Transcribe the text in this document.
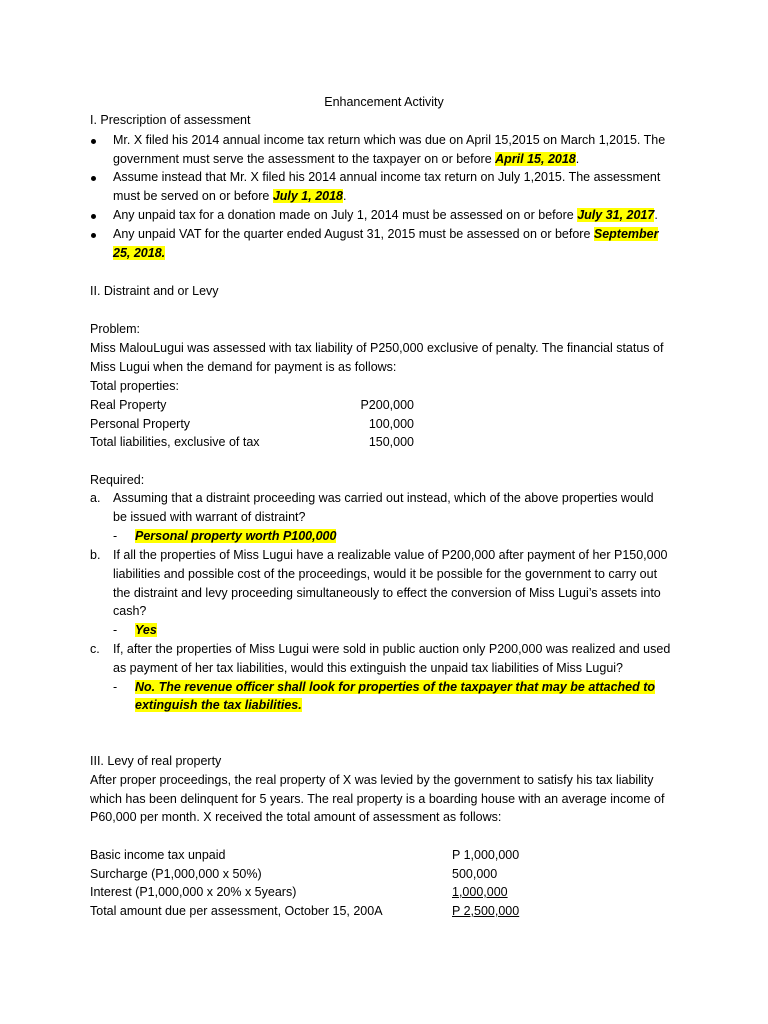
Enhancement Activity
I. Prescription of assessment
Mr. X filed his 2014 annual income tax return which was due on April 15,2015 on March 1,2015. The
government must serve the assessment to the taxpayer on or before April 15, 2018.
Assume instead that Mr. X filed his 2014 annual income tax return on July 1,2015. The assessment
must be served on or before July 1, 2018.
Any unpaid tax for a donation made on July 1, 2014 must be assessed on or before July 31, 2017.
Any unpaid VAT for the quarter ended August 31, 2015 must be assessed on or before September
25, 2018.
II. Distraint and or Levy
Problem:
Miss MalouLugui was assessed with tax liability of P250,000 exclusive of penalty. The financial status of
Miss Lugui when the demand for payment is as follows:
Total properties:
Real Property	P200,000
Personal Property	100,000
Total liabilities, exclusive of tax	150,000
Required:
a. Assuming that a distraint proceeding was carried out instead, which of the above properties would
be issued with warrant of distraint?
- Personal property worth P100,000
b. If all the properties of Miss Lugui have a realizable value of P200,000 after payment of her P150,000
liabilities and possible cost of the proceedings, would it be possible for the government to carry out
the distraint and levy proceeding simultaneously to effect the conversion of Miss Lugui’s assets into
cash?
- Yes
c. If, after the properties of Miss Lugui were sold in public auction only P200,000 was realized and used
as payment of her tax liabilities, would this extinguish the unpaid tax liabilities of Miss Lugui?
- No. The revenue officer shall look for properties of the taxpayer that may be attached to
extinguish the tax liabilities.
III. Levy of real property
After proper proceedings, the real property of X was levied by the government to satisfy his tax liability
which has been delinquent for 5 years. The real property is a boarding house with an average income of
P60,000 per month. X received the total amount of assessment as follows:
Basic income tax unpaid	P 1,000,000
Surcharge (P1,000,000 x 50%)	500,000
Interest (P1,000,000 x 20% x 5years)	1,000,000
Total amount due per assessment, October 15, 200A	P 2,500,000
